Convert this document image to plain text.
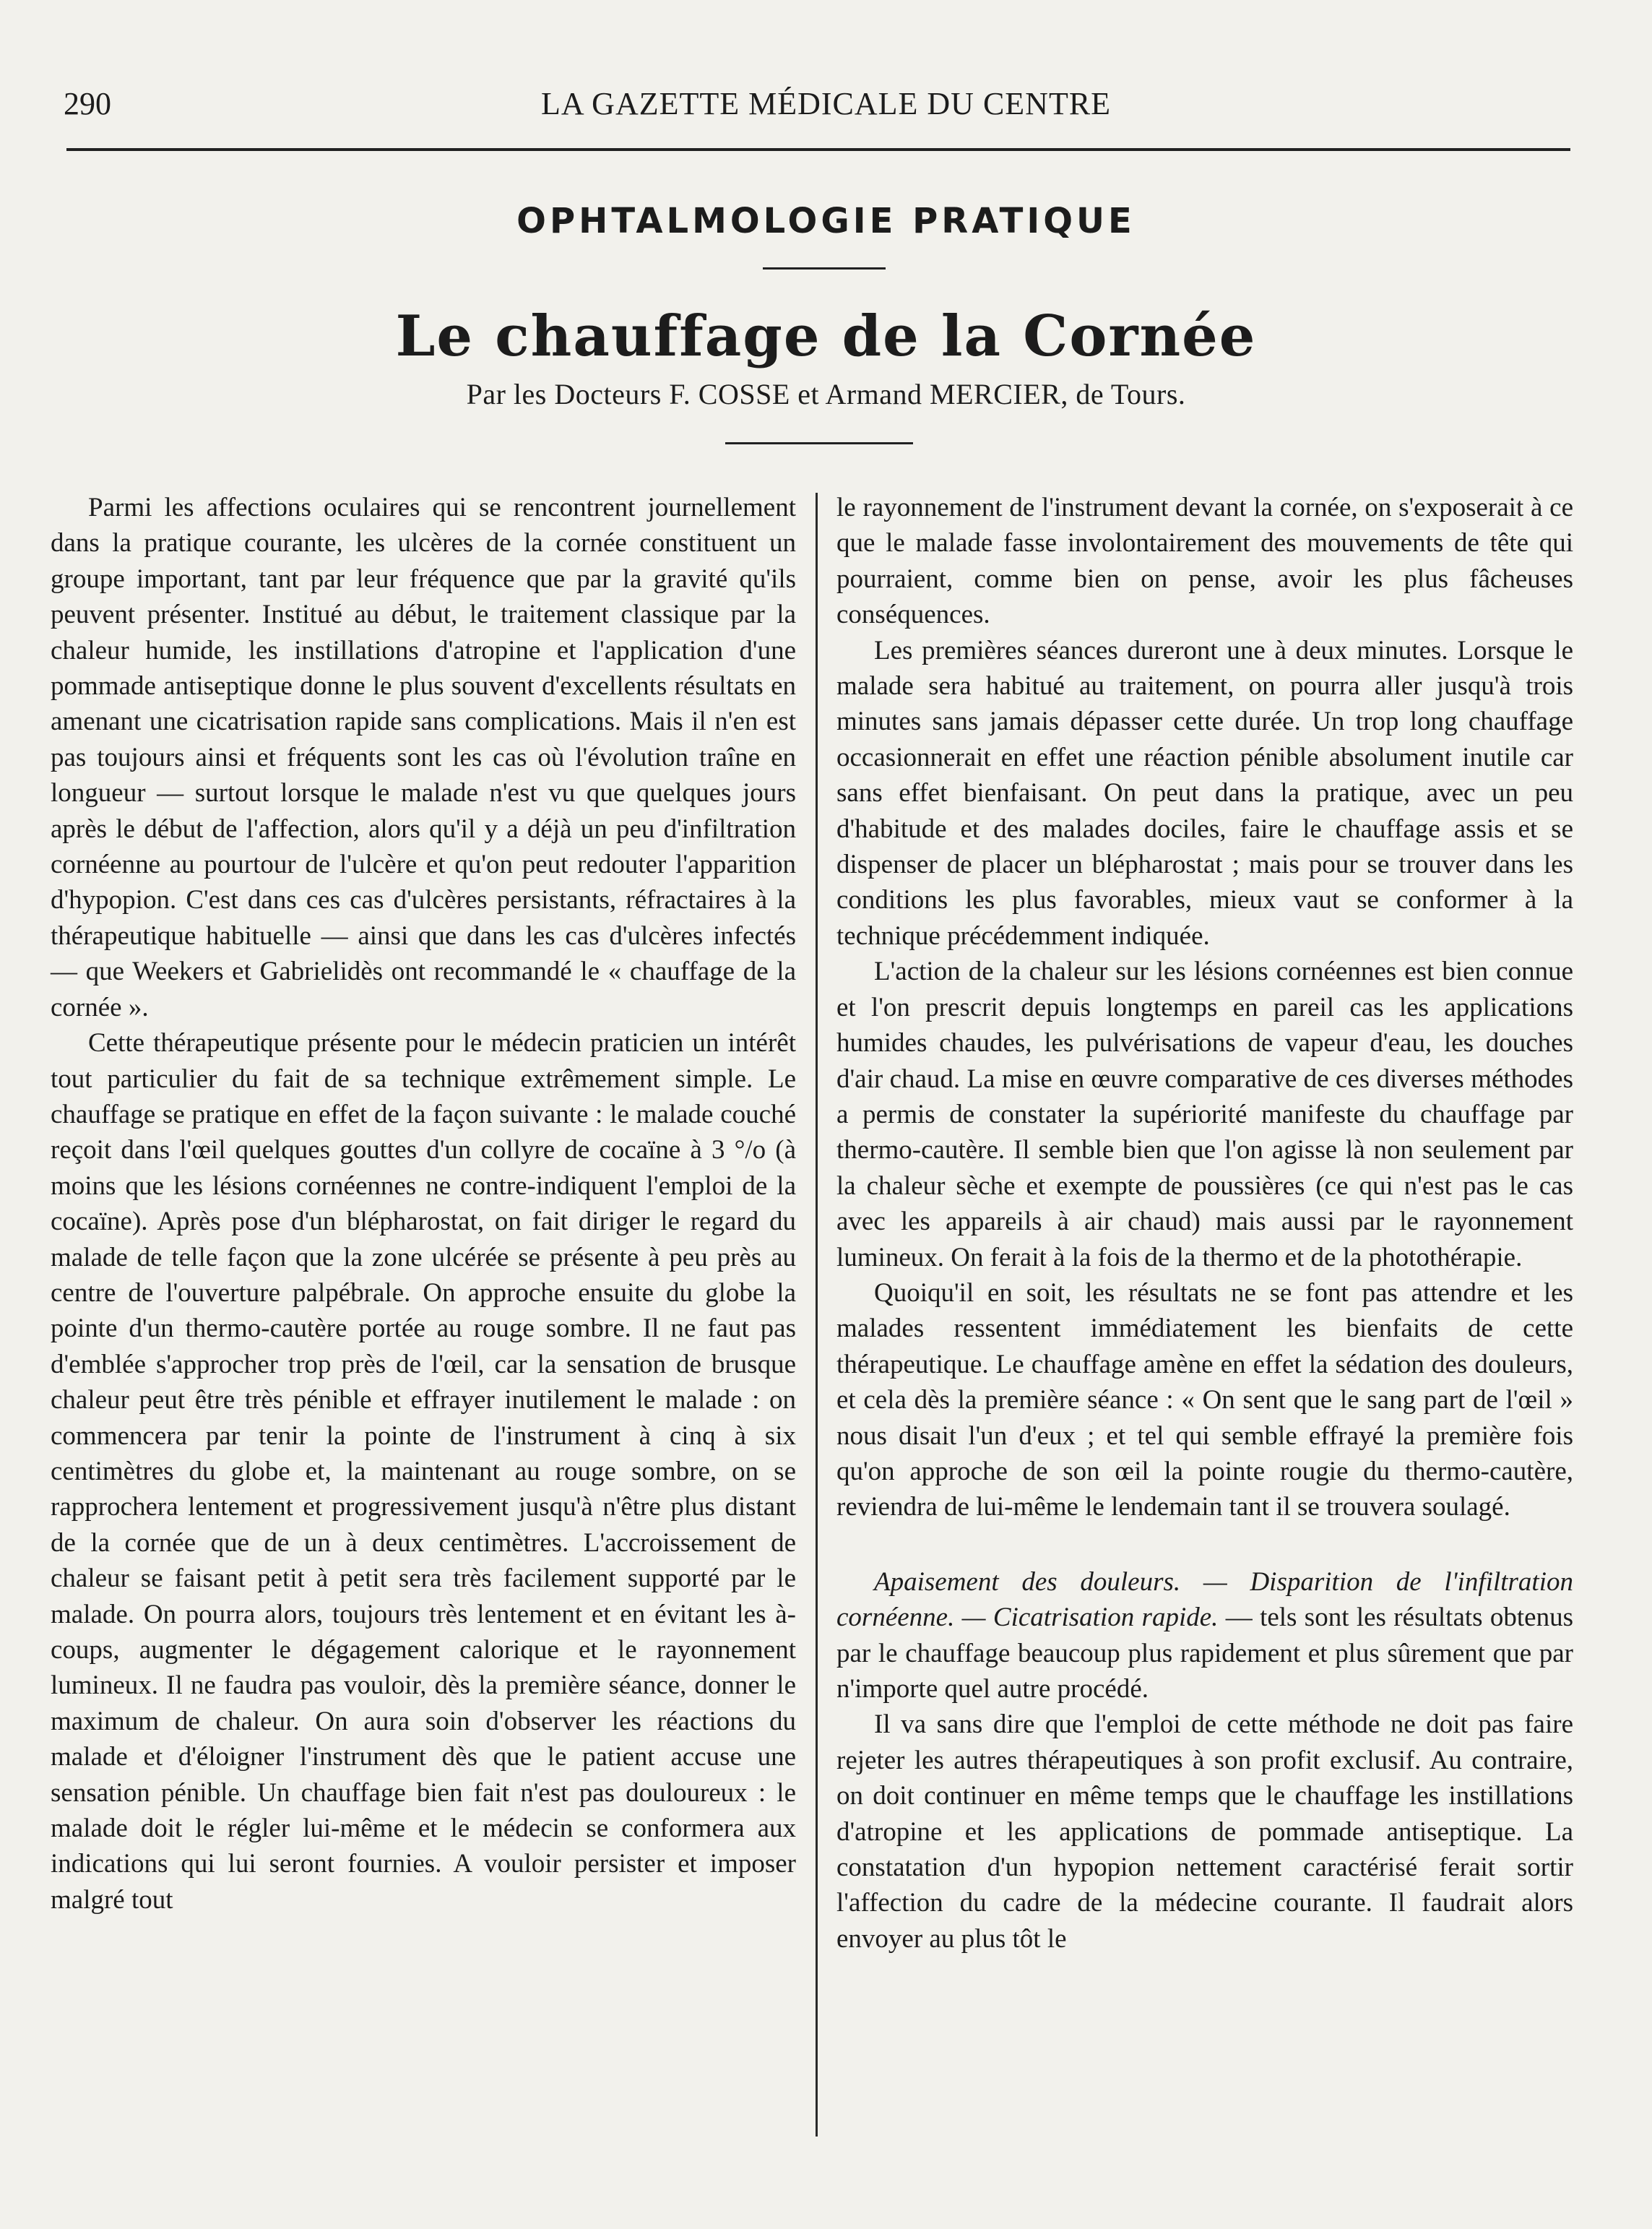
290	LA GAZETTE MÉDICALE DU CENTRE
OPHTALMOLOGIE PRATIQUE
Le chauffage de la Cornée
Par les Docteurs F. COSSE et Armand MERCIER, de Tours.

Parmi les affections oculaires qui se rencontrent journellement dans la pratique courante, les ulcères de la cornée constituent un groupe important, tant par leur fréquence que par la gravité qu'ils peuvent présenter. Institué au début, le traitement classique par la chaleur humide, les instillations d'atropine et l'application d'une pommade antiseptique donne le plus souvent d'excellents résultats en amenant une cicatrisation rapide sans complications. Mais il n'en est pas toujours ainsi et fréquents sont les cas où l'évolution traîne en longueur — surtout lorsque le malade n'est vu que quelques jours après le début de l'affection, alors qu'il y a déjà un peu d'infiltration cornéenne au pourtour de l'ulcère et qu'on peut redouter l'apparition d'hypopion. C'est dans ces cas d'ulcères persistants, réfractaires à la thérapeutique habituelle — ainsi que dans les cas d'ulcères infectés — que Weekers et Gabrielidès ont recommandé le « chauffage de la cornée ».

Cette thérapeutique présente pour le médecin praticien un intérêt tout particulier du fait de sa technique extrêmement simple. Le chauffage se pratique en effet de la façon suivante : le malade couché reçoit dans l'œil quelques gouttes d'un collyre de cocaïne à 3 °/o (à moins que les lésions cornéennes ne contre-indiquent l'emploi de la cocaïne). Après pose d'un blépharostat, on fait diriger le regard du malade de telle façon que la zone ulcérée se présente à peu près au centre de l'ouverture palpébrale. On approche ensuite du globe la pointe d'un thermo-cautère portée au rouge sombre. Il ne faut pas d'emblée s'approcher trop près de l'œil, car la sensation de brusque chaleur peut être très pénible et effrayer inutilement le malade : on commencera par tenir la pointe de l'instrument à cinq à six centimètres du globe et, la maintenant au rouge sombre, on se rapprochera lentement et progressivement jusqu'à n'être plus distant de la cornée que de un à deux centimètres. L'accroissement de chaleur se faisant petit à petit sera très facilement supporté par le malade. On pourra alors, toujours très lentement et en évitant les à-coups, augmenter le dégagement calorique et le rayonnement lumineux. Il ne faudra pas vouloir, dès la première séance, donner le maximum de chaleur. On aura soin d'observer les réactions du malade et d'éloigner l'instrument dès que le patient accuse une sensation pénible. Un chauffage bien fait n'est pas douloureux : le malade doit le régler lui-même et le médecin se conformera aux indications qui lui seront fournies. A vouloir persister et imposer malgré tout

le rayonnement de l'instrument devant la cornée, on s'exposerait à ce que le malade fasse involontairement des mouvements de tête qui pourraient, comme bien on pense, avoir les plus fâcheuses conséquences.

Les premières séances dureront une à deux minutes. Lorsque le malade sera habitué au traitement, on pourra aller jusqu'à trois minutes sans jamais dépasser cette durée. Un trop long chauffage occasionnerait en effet une réaction pénible absolument inutile car sans effet bienfaisant. On peut dans la pratique, avec un peu d'habitude et des malades dociles, faire le chauffage assis et se dispenser de placer un blépharostat ; mais pour se trouver dans les conditions les plus favorables, mieux vaut se conformer à la technique précédemment indiquée.

L'action de la chaleur sur les lésions cornéennes est bien connue et l'on prescrit depuis longtemps en pareil cas les applications humides chaudes, les pulvérisations de vapeur d'eau, les douches d'air chaud. La mise en œuvre comparative de ces diverses méthodes a permis de constater la supériorité manifeste du chauffage par thermo-cautère. Il semble bien que l'on agisse là non seulement par la chaleur sèche et exempte de poussières (ce qui n'est pas le cas avec les appareils à air chaud) mais aussi par le rayonnement lumineux. On ferait à la fois de la thermo et de la photothérapie.

Quoiqu'il en soit, les résultats ne se font pas attendre et les malades ressentent immédiatement les bienfaits de cette thérapeutique. Le chauffage amène en effet la sédation des douleurs, et cela dès la première séance : « On sent que le sang part de l'œil » nous disait l'un d'eux ; et tel qui semble effrayé la première fois qu'on approche de son œil la pointe rougie du thermo-cautère, reviendra de lui-même le lendemain tant il se trouvera soulagé.

Apaisement des douleurs. — Disparition de l'infiltration cornéenne. — Cicatrisation rapide. — tels sont les résultats obtenus par le chauffage beaucoup plus rapidement et plus sûrement que par n'importe quel autre procédé.

Il va sans dire que l'emploi de cette méthode ne doit pas faire rejeter les autres thérapeutiques à son profit exclusif. Au contraire, on doit continuer en même temps que le chauffage les instillations d'atropine et les applications de pommade antiseptique. La constatation d'un hypopion nettement caractérisé ferait sortir l'affection du cadre de la médecine courante. Il faudrait alors envoyer au plus tôt le
